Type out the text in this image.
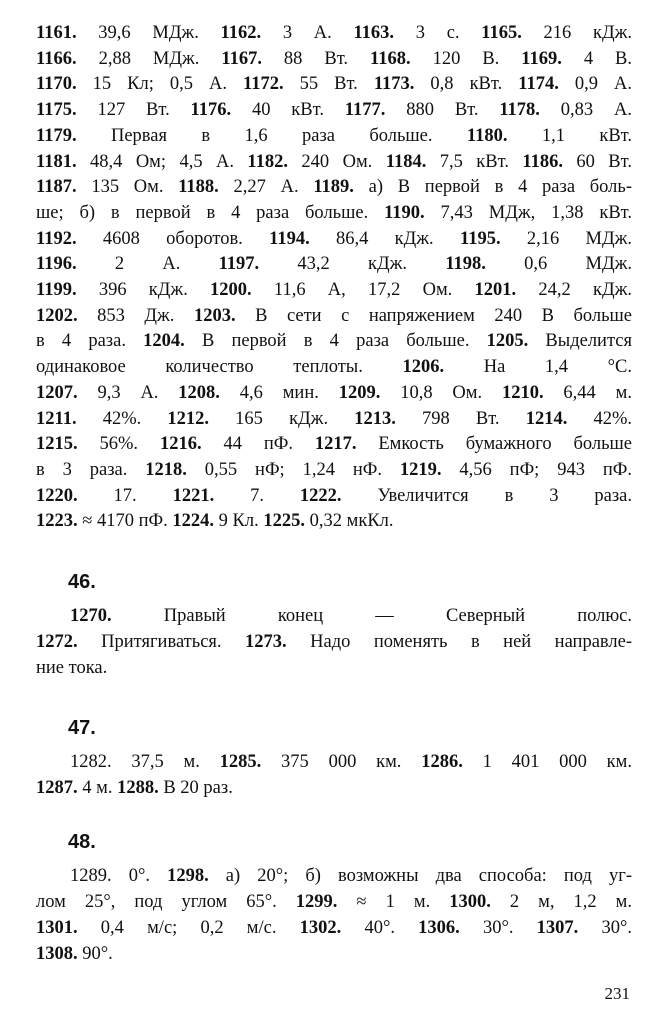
1161. 39,6 МДж. 1162. 3 А. 1163. 3 с. 1165. 216 кДж.
1166. 2,88 МДж. 1167. 88 Вт. 1168. 120 В. 1169. 4 В.
1170. 15 Кл; 0,5 А. 1172. 55 Вт. 1173. 0,8 кВт. 1174. 0,9 А.
1175. 127 Вт. 1176. 40 кВт. 1177. 880 Вт. 1178. 0,83 А.
1179. Первая в 1,6 раза больше. 1180. 1,1 кВт.
1181. 48,4 Ом; 4,5 А. 1182. 240 Ом. 1184. 7,5 кВт. 1186. 60 Вт.
1187. 135 Ом. 1188. 2,27 А. 1189. а) В первой в 4 раза боль-
ше; б) в первой в 4 раза больше. 1190. 7,43 МДж, 1,38 кВт.
1192. 4608 оборотов. 1194. 86,4 кДж. 1195. 2,16 МДж.
1196. 2 А. 1197. 43,2 кДж. 1198. 0,6 МДж.
1199. 396 кДж. 1200. 11,6 А, 17,2 Ом. 1201. 24,2 кДж.
1202. 853 Дж. 1203. В сети с напряжением 240 В больше
в 4 раза. 1204. В первой в 4 раза больше. 1205. Выделится
одинаковое количество теплоты. 1206. На 1,4 °С.
1207. 9,3 А. 1208. 4,6 мин. 1209. 10,8 Ом. 1210. 6,44 м.
1211. 42%. 1212. 165 кДж. 1213. 798 Вт. 1214. 42%.
1215. 56%. 1216. 44 пФ. 1217. Емкость бумажного больше
в 3 раза. 1218. 0,55 нФ; 1,24 нФ. 1219. 4,56 пФ; 943 пФ.
1220. 17. 1221. 7. 1222. Увеличится в 3 раза.
1223. ≈ 4170 пФ. 1224. 9 Кл. 1225. 0,32 мкКл.
46.
1270. Правый конец — Северный полюс.
1272. Притягиваться. 1273. Надо поменять в ней направле-
ние тока.
47.
1282. 37,5 м. 1285. 375 000 км. 1286. 1 401 000 км.
1287. 4 м. 1288. В 20 раз.
48.
1289. 0°. 1298. а) 20°; б) возможны два способа: под уг-
лом 25°, под углом 65°. 1299. ≈ 1 м. 1300. 2 м, 1,2 м.
1301. 0,4 м/с; 0,2 м/с. 1302. 40°. 1306. 30°. 1307. 30°.
1308. 90°.
231
